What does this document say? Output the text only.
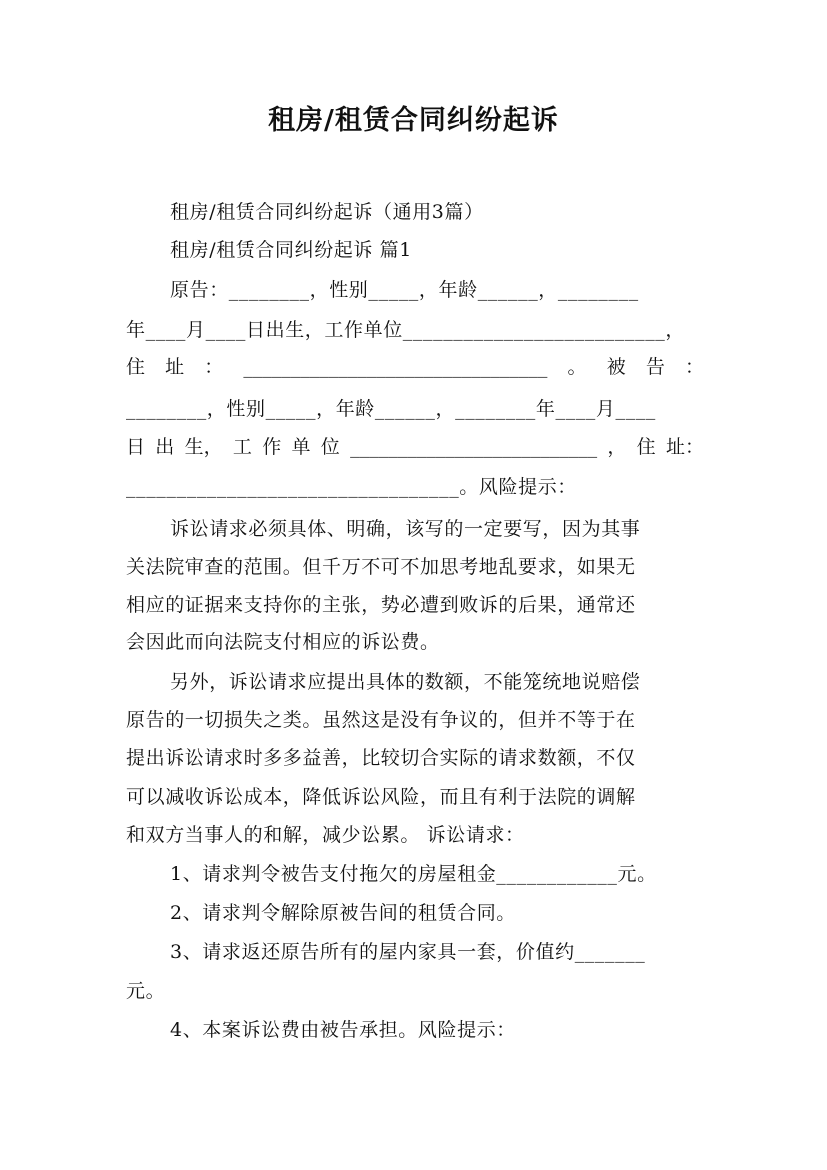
租房/租赁合同纠纷起诉
租房/租赁合同纠纷起诉（通用3篇）
租房/租赁合同纠纷起诉 篇1
原告：________，性别_____，年龄______，________
年____月____日出生，工作单位__________________________，
住 址 ： ________________________________ 。 被 告 ：
________，性别_____，年龄______，________年____月____
日 出 生， 工 作 单 位 __________________________ ， 住 址：
_________________________________。风险提示：
诉讼请求必须具体、明确，该写的一定要写，因为其事
关法院审查的范围。但千万不可不加思考地乱要求，如果无
相应的证据来支持你的主张，势必遭到败诉的后果，通常还
会因此而向法院支付相应的诉讼费。
另外，诉讼请求应提出具体的数额，不能笼统地说赔偿
原告的一切损失之类。虽然这是没有争议的，但并不等于在
提出诉讼请求时多多益善，比较切合实际的请求数额，不仅
可以减收诉讼成本，降低诉讼风险，而且有利于法院的调解
和双方当事人的和解，减少讼累。 诉讼请求：
1、请求判令被告支付拖欠的房屋租金____________元。
2、请求判令解除原被告间的租赁合同。
3、请求返还原告所有的屋内家具一套，价值约_______
元。
4、本案诉讼费由被告承担。风险提示：
